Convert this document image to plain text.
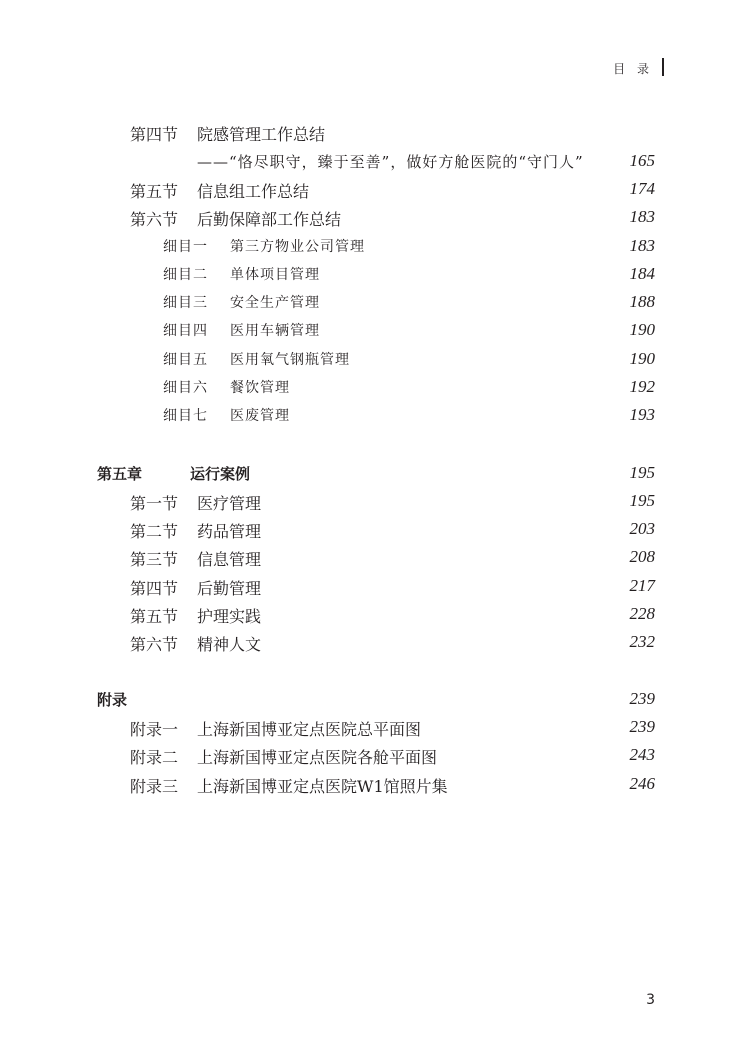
目 录
第四节 院感管理工作总结
——“恪尽职守，臻于至善”，做好方舱医院的“守门人”	165
第五节 信息组工作总结	174
第六节 后勤保障部工作总结	183
细目一 第三方物业公司管理	183
细目二 单体项目管理	184
细目三 安全生产管理	188
细目四 医用车辆管理	190
细目五 医用氧气钢瓶管理	190
细目六 餐饮管理	192
细目七 医废管理	193
第五章	运行案例	195
第一节 医疗管理	195
第二节 药品管理	203
第三节 信息管理	208
第四节 后勤管理	217
第五节 护理实践	228
第六节 精神人文	232
附录	239
附录一 上海新国博亚定点医院总平面图	239
附录二 上海新国博亚定点医院各舱平面图	243
附录三 上海新国博亚定点医院W1馆照片集	246
3
